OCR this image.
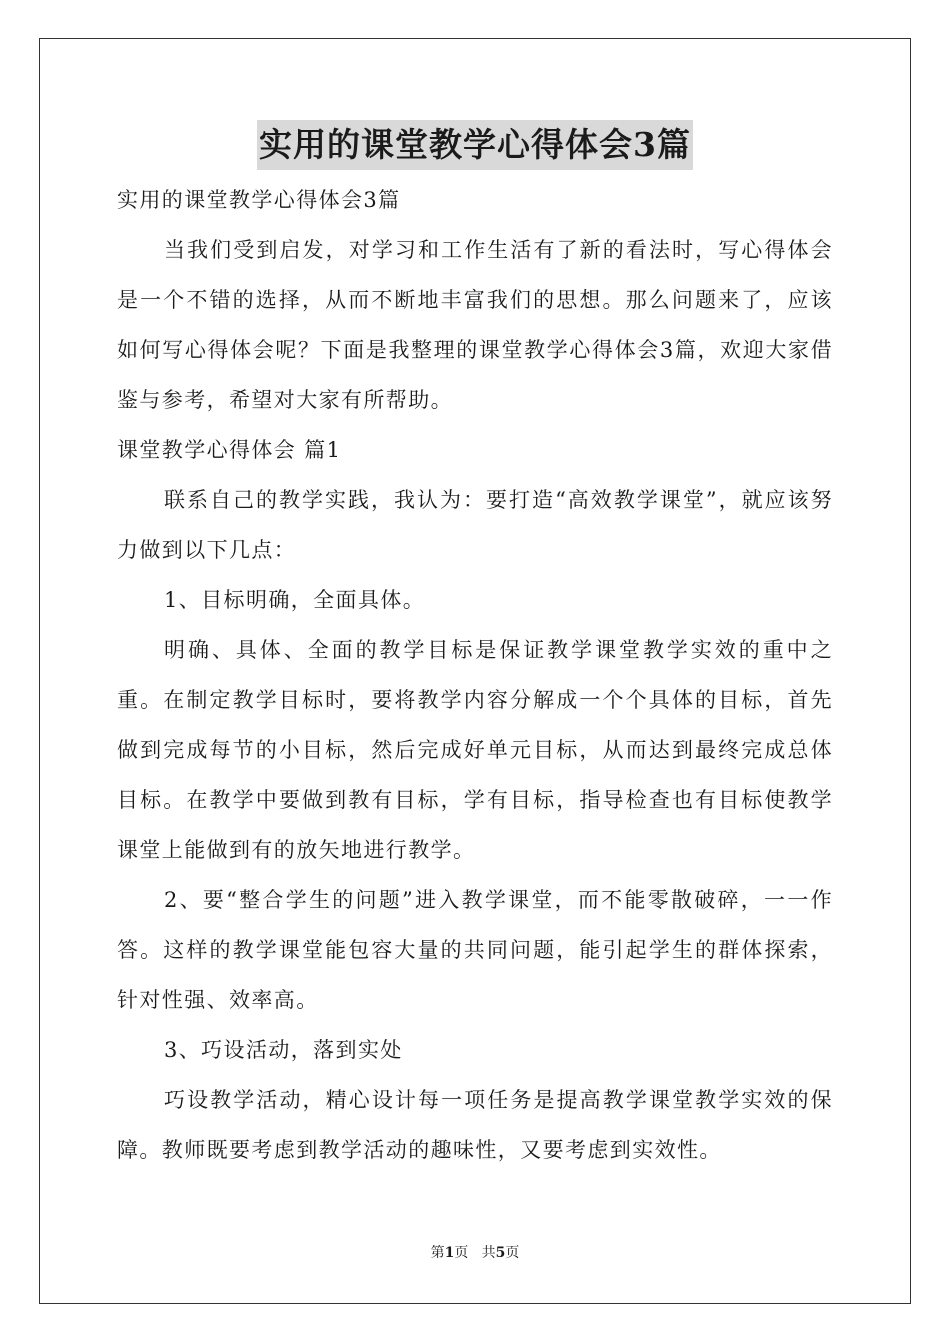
实用的课堂教学心得体会3篇

实用的课堂教学心得体会3篇

当我们受到启发，对学习和工作生活有了新的看法时，写心得体会是一个不错的选择，从而不断地丰富我们的思想。那么问题来了，应该如何写心得体会呢？下面是我整理的课堂教学心得体会3篇，欢迎大家借鉴与参考，希望对大家有所帮助。

课堂教学心得体会 篇1

联系自己的教学实践，我认为：要打造“高效教学课堂”，就应该努力做到以下几点：

1、目标明确，全面具体。

明确、具体、全面的教学目标是保证教学课堂教学实效的重中之重。在制定教学目标时，要将教学内容分解成一个个具体的目标，首先做到完成每节的小目标，然后完成好单元目标，从而达到最终完成总体目标。在教学中要做到教有目标，学有目标，指导检查也有目标使教学课堂上能做到有的放矢地进行教学。

2、要“整合学生的问题”进入教学课堂，而不能零散破碎，一一作答。这样的教学课堂能包容大量的共同问题，能引起学生的群体探索，针对性强、效率高。

3、巧设活动，落到实处

巧设教学活动，精心设计每一项任务是提高教学课堂教学实效的保障。教师既要考虑到教学活动的趣味性，又要考虑到实效性。

第1页 共5页
